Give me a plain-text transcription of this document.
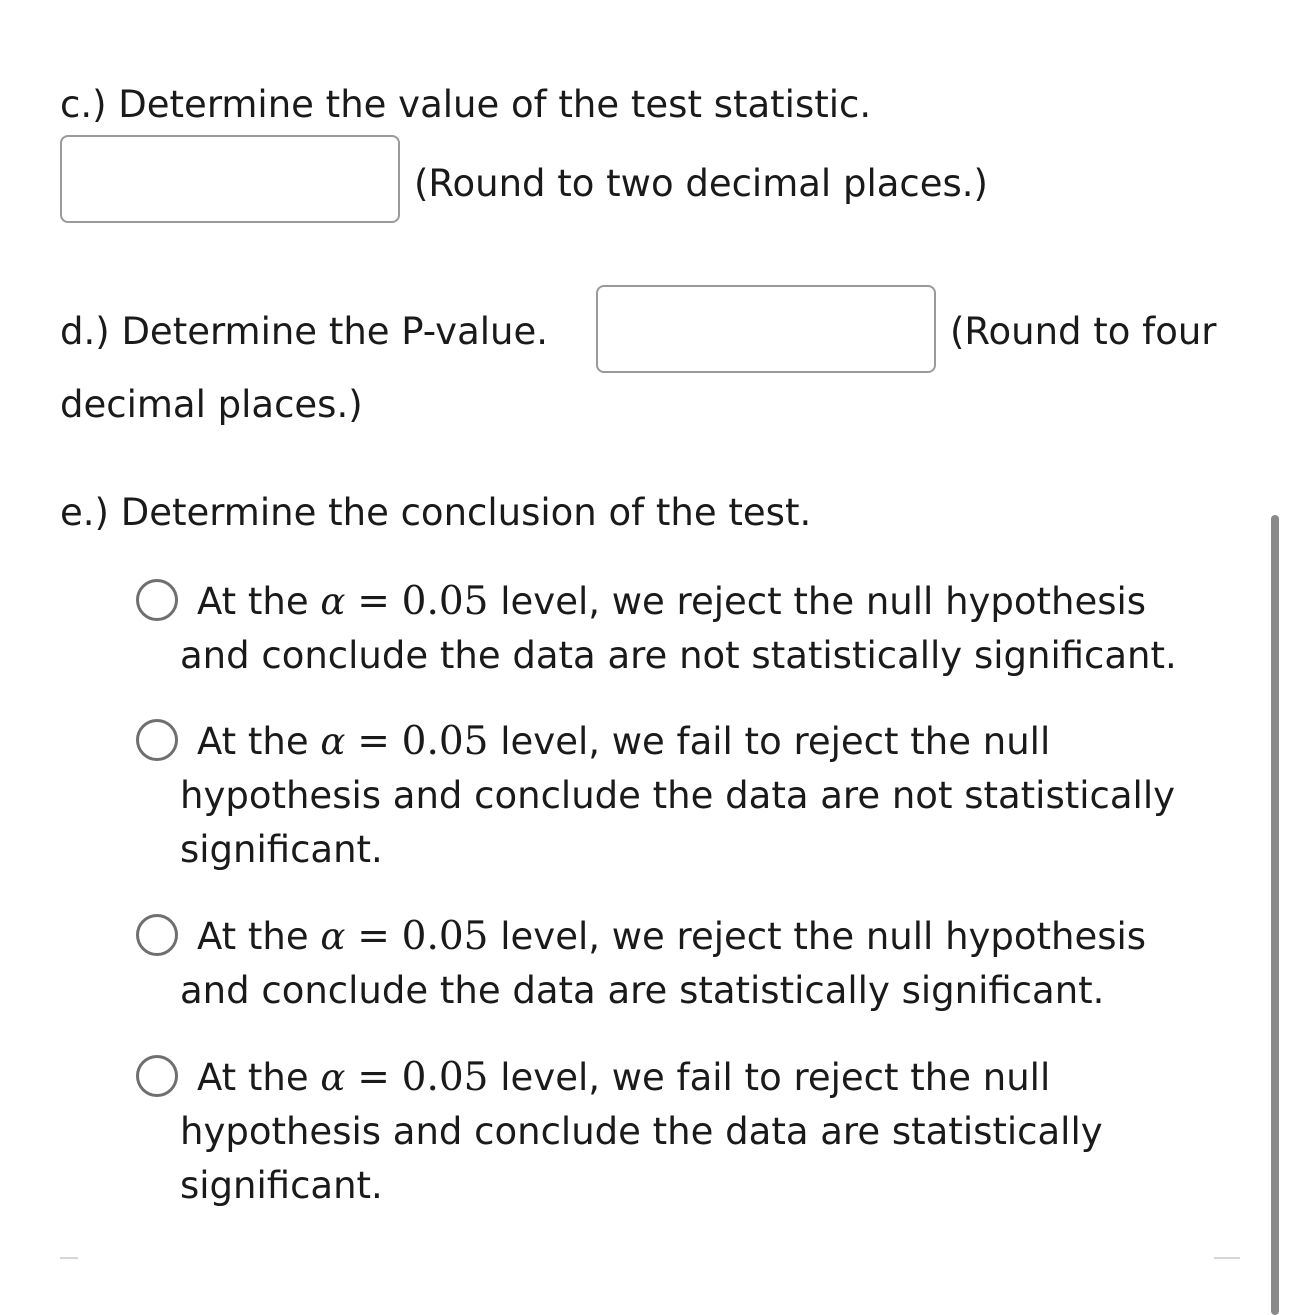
c.) Determine the value of the test statistic.
(Round to two decimal places.)
d.) Determine the P-value.	(Round to four
decimal places.)
e.) Determine the conclusion of the test.
At the α = 0.05 level, we reject the null hypothesis
and conclude the data are not statistically significant.
At the α = 0.05 level, we fail to reject the null
hypothesis and conclude the data are not statistically
significant.
At the α = 0.05 level, we reject the null hypothesis
and conclude the data are statistically significant.
At the α = 0.05 level, we fail to reject the null
hypothesis and conclude the data are statistically
significant.
